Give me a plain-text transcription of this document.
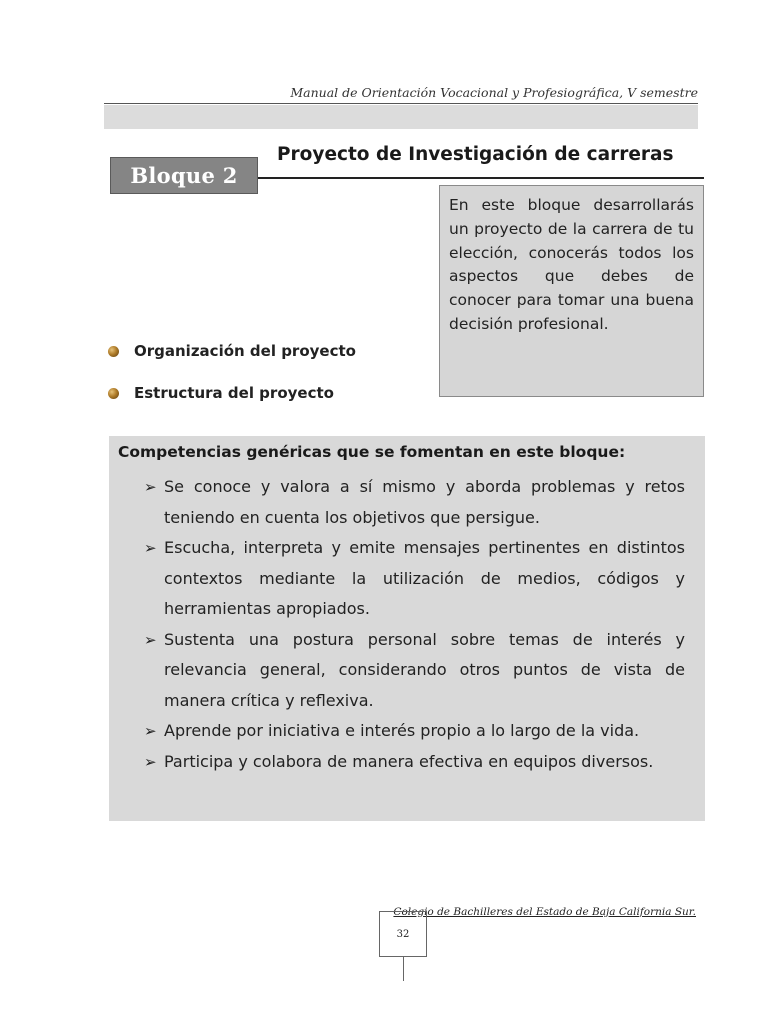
Manual de Orientación Vocacional y Profesiográfica, V semestre
Bloque 2
Proyecto de Investigación de carreras
En este bloque desarrollarás un proyecto de la carrera de tu elección, conocerás todos los aspectos que debes de conocer para tomar una buena decisión profesional.
Organización del proyecto
Estructura del proyecto
Competencias genéricas que se fomentan en este bloque:
➢ Se conoce y valora a sí mismo y aborda problemas y retos teniendo en cuenta los objetivos que persigue.
➢ Escucha, interpreta y emite mensajes pertinentes en distintos contextos mediante la utilización de medios, códigos y herramientas apropiados.
➢ Sustenta una postura personal sobre temas de interés y relevancia general, considerando otros puntos de vista de manera crítica y reflexiva.
➢ Aprende por iniciativa e interés propio a lo largo de la vida.
➢ Participa y colabora de manera efectiva en equipos diversos.
Colegio de Bachilleres del Estado de Baja California Sur.
32
